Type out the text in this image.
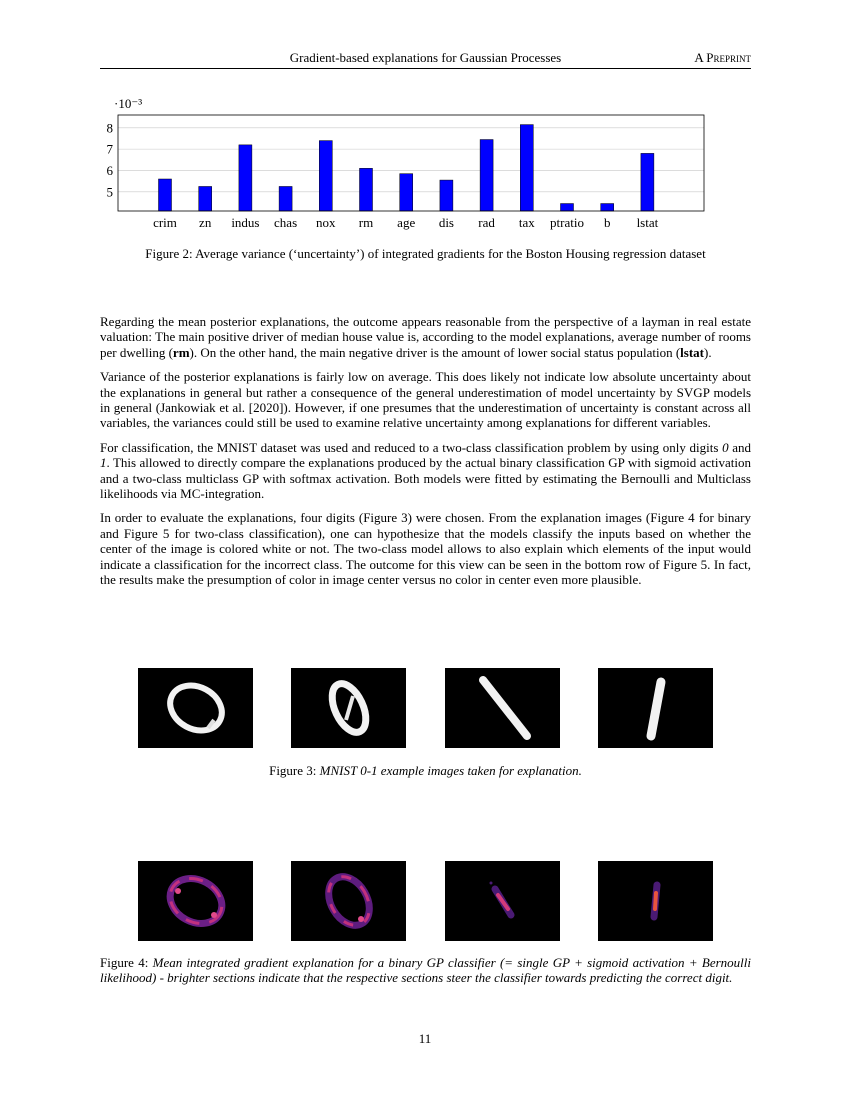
Gradient-based explanations for Gaussian Processes	A Preprint
5
6
7
8
crim zn indus chas nox rm age dis rad tax ptratio b lstat
·10⁻³
Figure 2: Average variance (‘uncertainty’) of integrated gradients for the Boston Housing regression dataset

Regarding the mean posterior explanations, the outcome appears reasonable from the perspective of a layman in real estate valuation: The main positive driver of median house value is, according to the model explanations, average number of rooms per dwelling (rm). On the other hand, the main negative driver is the amount of lower social status population (lstat).

Variance of the posterior explanations is fairly low on average. This does likely not indicate low absolute uncertainty about the explanations in general but rather a consequence of the general underestimation of model uncertainty by SVGP models in general (Jankowiak et al. [2020]). However, if one presumes that the underestimation of uncertainty is constant across all variables, the variances could still be used to examine relative uncertainty among explanations for different variables.

For classification, the MNIST dataset was used and reduced to a two-class classification problem by using only digits 0 and 1. This allowed to directly compare the explanations produced by the actual binary classification GP with sigmoid activation and a two-class multiclass GP with softmax activation. Both models were fitted by estimating the Bernoulli and Multiclass likelihoods via MC-integration.

In order to evaluate the explanations, four digits (Figure 3) were chosen. From the explanation images (Figure 4 for binary and Figure 5 for two-class classification), one can hypothesize that the models classify the inputs based on whether the center of the image is colored white or not. The two-class model allows to also explain which elements of the input would indicate a classification for the incorrect class. The outcome for this view can be seen in the bottom row of Figure 5. In fact, the results make the presumption of color in image center versus no color in center even more plausible.

Figure 3: MNIST 0-1 example images taken for explanation.
Figure 4: Mean integrated gradient explanation for a binary GP classifier (= single GP + sigmoid activation + Bernoulli likelihood) - brighter sections indicate that the respective sections steer the classifier towards predicting the correct digit.
11
